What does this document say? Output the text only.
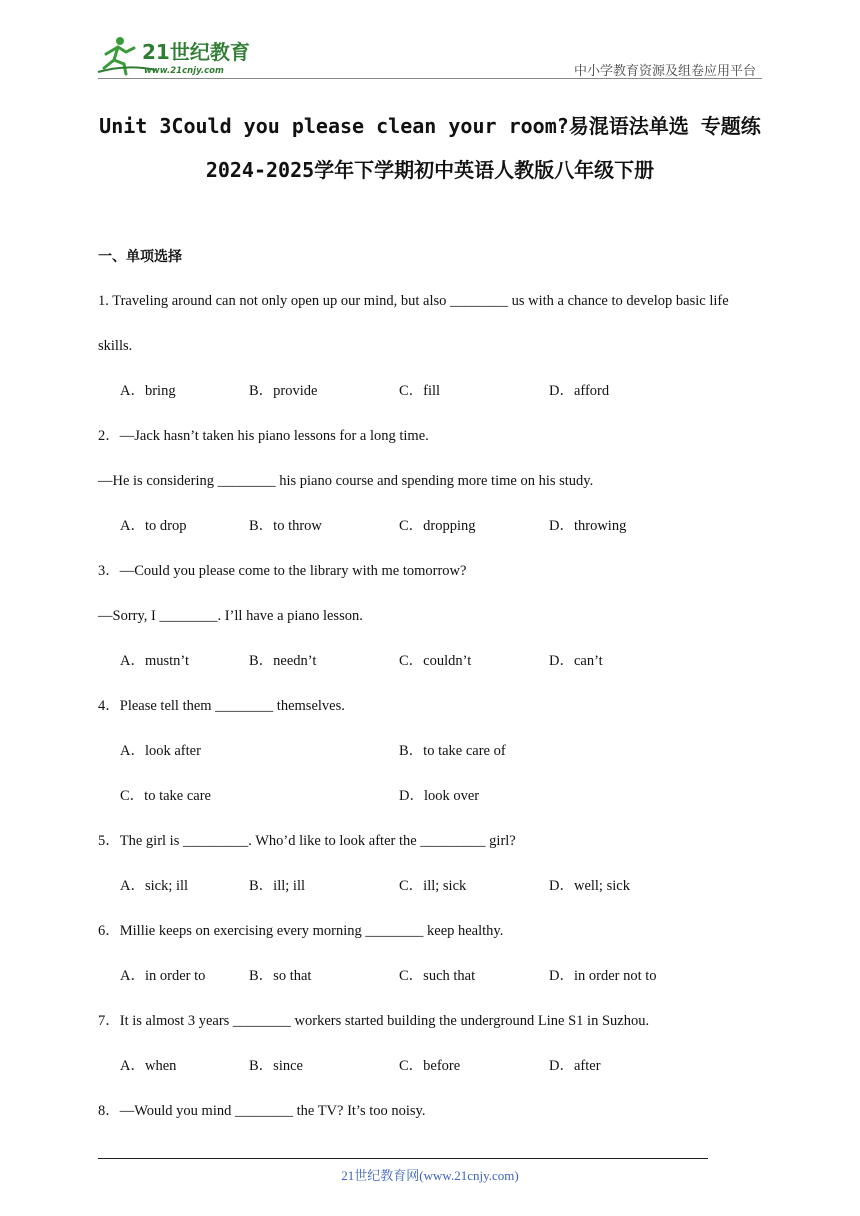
21世纪教育
www.21cnjy.com	中小学教育资源及组卷应用平台
Unit 3Could you please clean your room?易混语法单选 专题练
2024-2025学年下学期初中英语人教版八年级下册
一、单项选择
1. Traveling around can not only open up our mind, but also ________ us with a chance to develop basic life
skills.
A．bring	B．provide	C．fill	D．afford
2．—Jack hasn’t taken his piano lessons for a long time.
—He is considering ________ his piano course and spending more time on his study.
A．to drop	B．to throw	C．dropping	D．throwing
3．—Could you please come to the library with me tomorrow?
—Sorry, I ________. I’ll have a piano lesson.
A．mustn’t	B．needn’t	C．couldn’t	D．can’t
4．Please tell them ________ themselves.
A．look after	B．to take care of
C．to take care	D．look over
5．The girl is _________. Who’d like to look after the _________ girl?
A．sick; ill	B．ill; ill	C．ill; sick	D．well; sick
6．Millie keeps on exercising every morning ________ keep healthy.
A．in order to	B．so that	C．such that	D．in order not to
7．It is almost 3 years ________ workers started building the underground Line S1 in Suzhou.
A．when	B．since	C．before	D．after
8．—Would you mind ________ the TV? It’s too noisy.
21世纪教育网(www.21cnjy.com)
